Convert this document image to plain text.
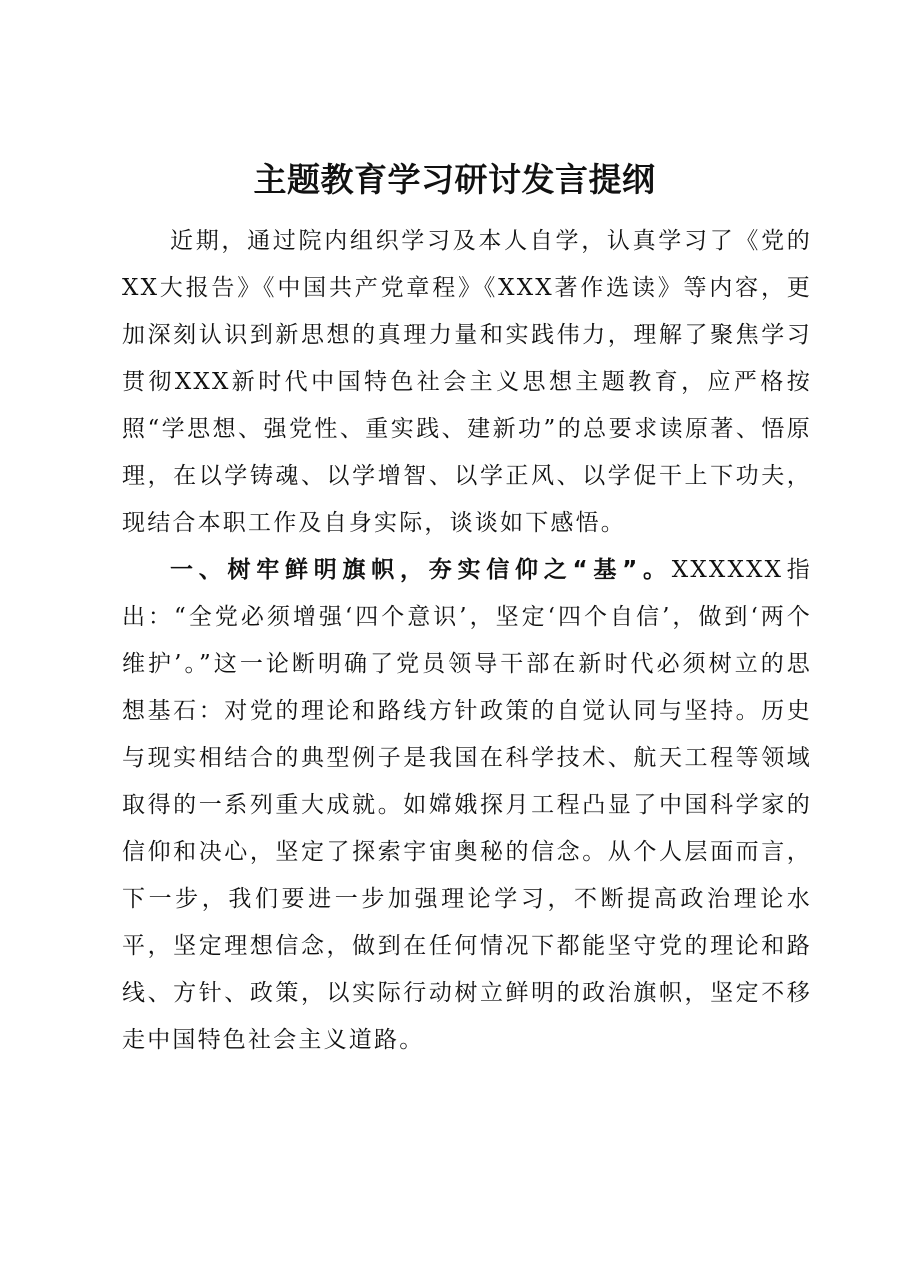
主题教育学习研讨发言提纲

近期，通过院内组织学习及本人自学，认真学习了《党的XX大报告》《中国共产党章程》《XXX著作选读》等内容，更加深刻认识到新思想的真理力量和实践伟力，理解了聚焦学习贯彻XXX新时代中国特色社会主义思想主题教育，应严格按照“学思想、强党性、重实践、建新功”的总要求读原著、悟原理，在以学铸魂、以学增智、以学正风、以学促干上下功夫，现结合本职工作及自身实际，谈谈如下感悟。

一、树牢鲜明旗帜，夯实信仰之“基”。XXXXXX指出：“全党必须增强‘四个意识’，坚定‘四个自信’，做到‘两个维护’。”这一论断明确了党员领导干部在新时代必须树立的思想基石：对党的理论和路线方针政策的自觉认同与坚持。历史与现实相结合的典型例子是我国在科学技术、航天工程等领域取得的一系列重大成就。如嫦娥探月工程凸显了中国科学家的信仰和决心，坚定了探索宇宙奥秘的信念。从个人层面而言，下一步，我们要进一步加强理论学习，不断提高政治理论水平，坚定理想信念，做到在任何情况下都能坚守党的理论和路线、方针、政策，以实际行动树立鲜明的政治旗帜，坚定不移走中国特色社会主义道路。
